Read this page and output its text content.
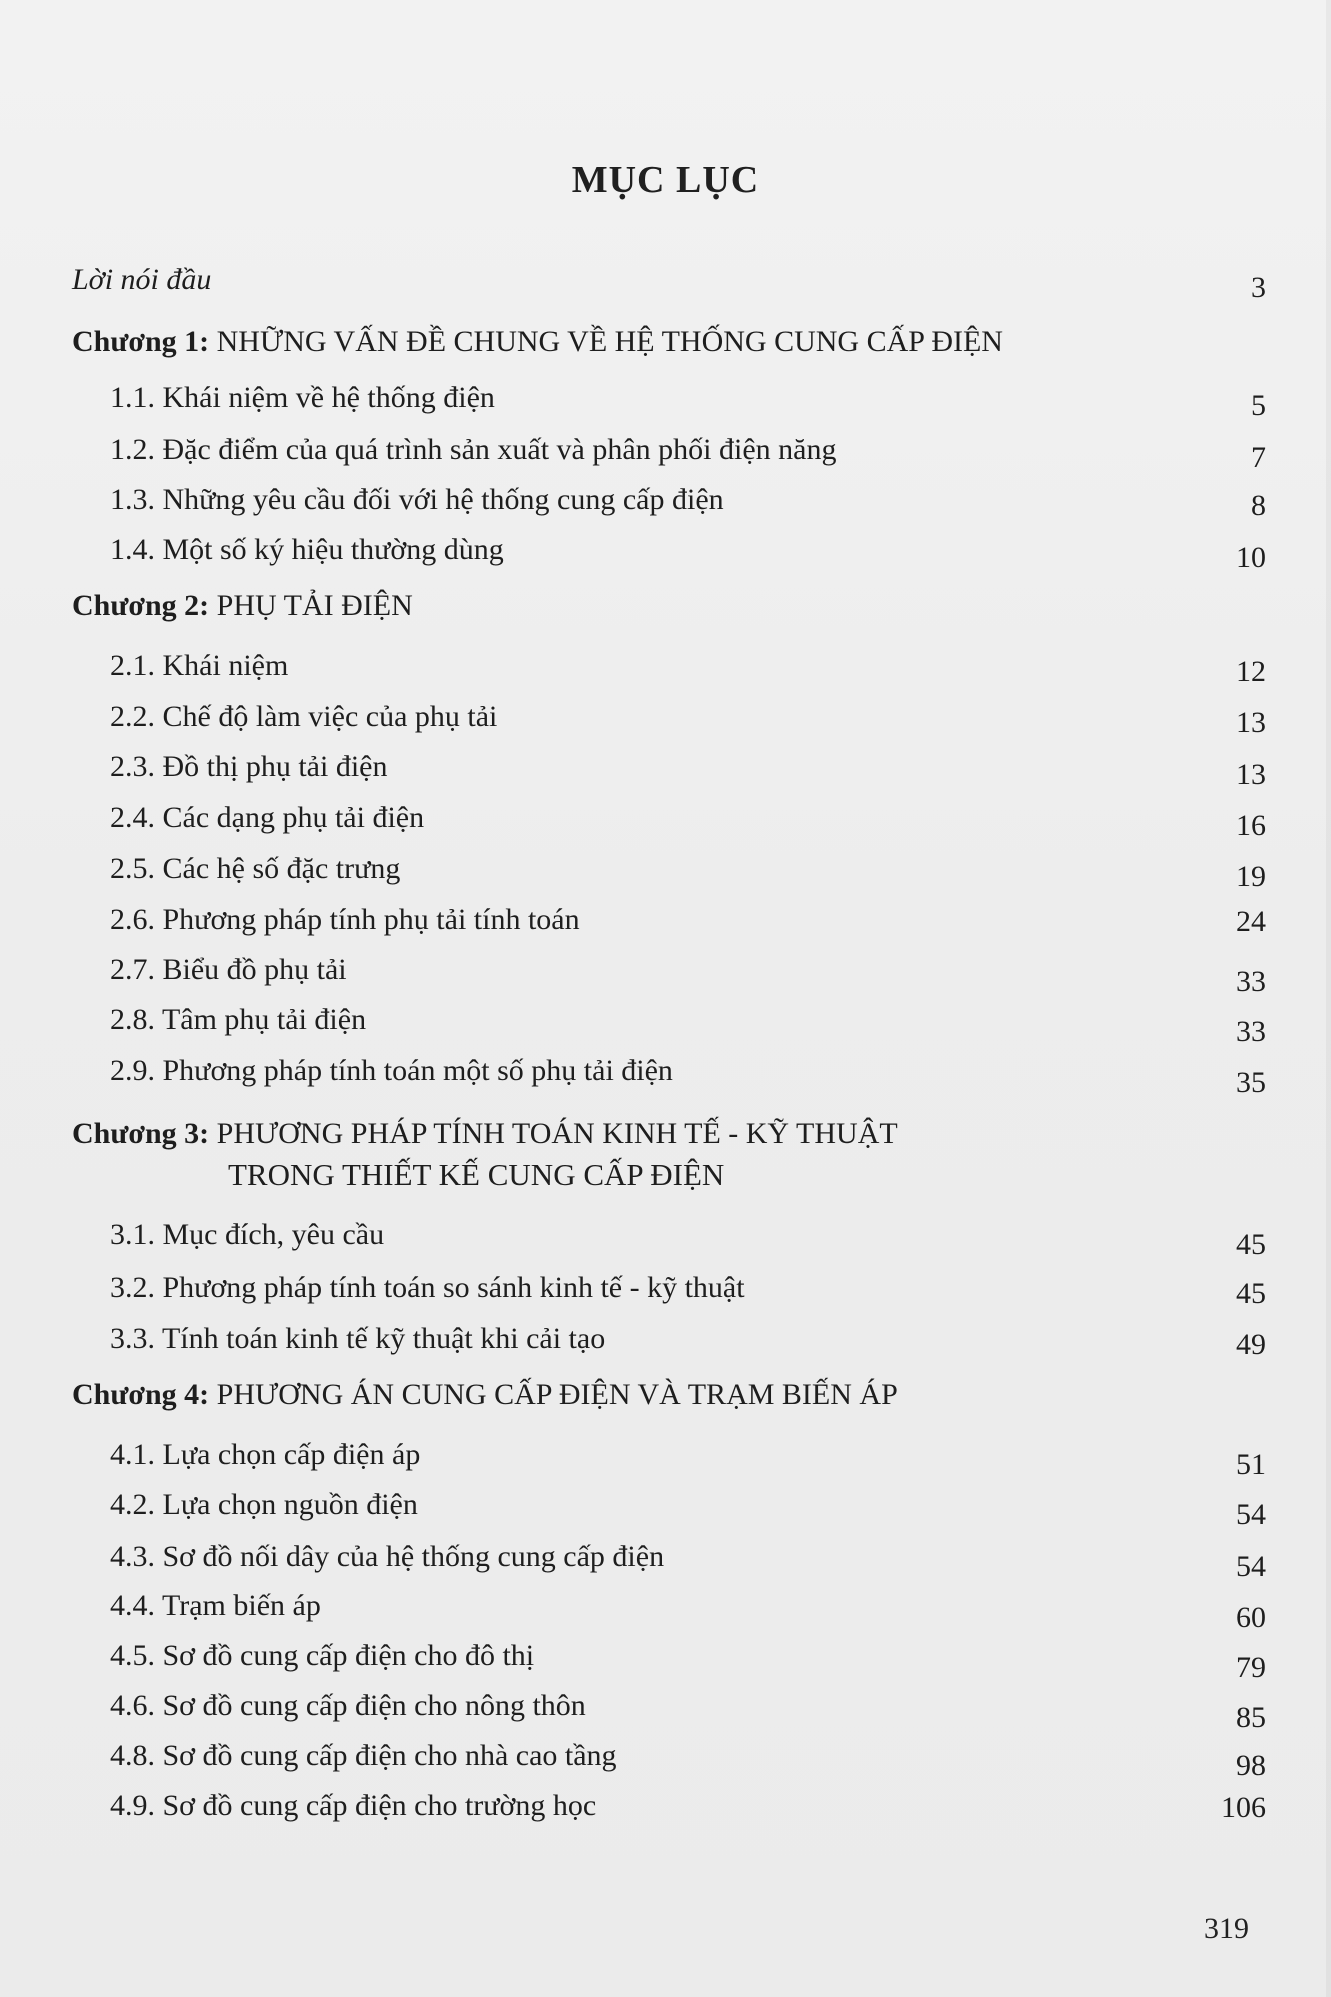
MỤC LỤC
Lời nói đầu	3
Chương 1: NHỮNG VẤN ĐỀ CHUNG VỀ HỆ THỐNG CUNG CẤP ĐIỆN
1.1. Khái niệm về hệ thống điện	5
1.2. Đặc điểm của quá trình sản xuất và phân phối điện năng	7
1.3. Những yêu cầu đối với hệ thống cung cấp điện	8
1.4. Một số ký hiệu thường dùng	10
Chương 2: PHỤ TẢI ĐIỆN
2.1. Khái niệm	12
2.2. Chế độ làm việc của phụ tải	13
2.3. Đồ thị phụ tải điện	13
2.4. Các dạng phụ tải điện	16
2.5. Các hệ số đặc trưng	19
2.6. Phương pháp tính phụ tải tính toán	24
2.7. Biểu đồ phụ tải	33
2.8. Tâm phụ tải điện	33
2.9. Phương pháp tính toán một số phụ tải điện	35
Chương 3: PHƯƠNG PHÁP TÍNH TOÁN KINH TẾ - KỸ THUẬT
TRONG THIẾT KẾ CUNG CẤP ĐIỆN
3.1. Mục đích, yêu cầu	45
3.2. Phương pháp tính toán so sánh kinh tế - kỹ thuật	45
3.3. Tính toán kinh tế kỹ thuật khi cải tạo	49
Chương 4: PHƯƠNG ÁN CUNG CẤP ĐIỆN VÀ TRẠM BIẾN ÁP
4.1. Lựa chọn cấp điện áp	51
4.2. Lựa chọn nguồn điện	54
4.3. Sơ đồ nối dây của hệ thống cung cấp điện	54
4.4. Trạm biến áp	60
4.5. Sơ đồ cung cấp điện cho đô thị	79
4.6. Sơ đồ cung cấp điện cho nông thôn	85
4.8. Sơ đồ cung cấp điện cho nhà cao tầng	98
4.9. Sơ đồ cung cấp điện cho trường học	106
319
